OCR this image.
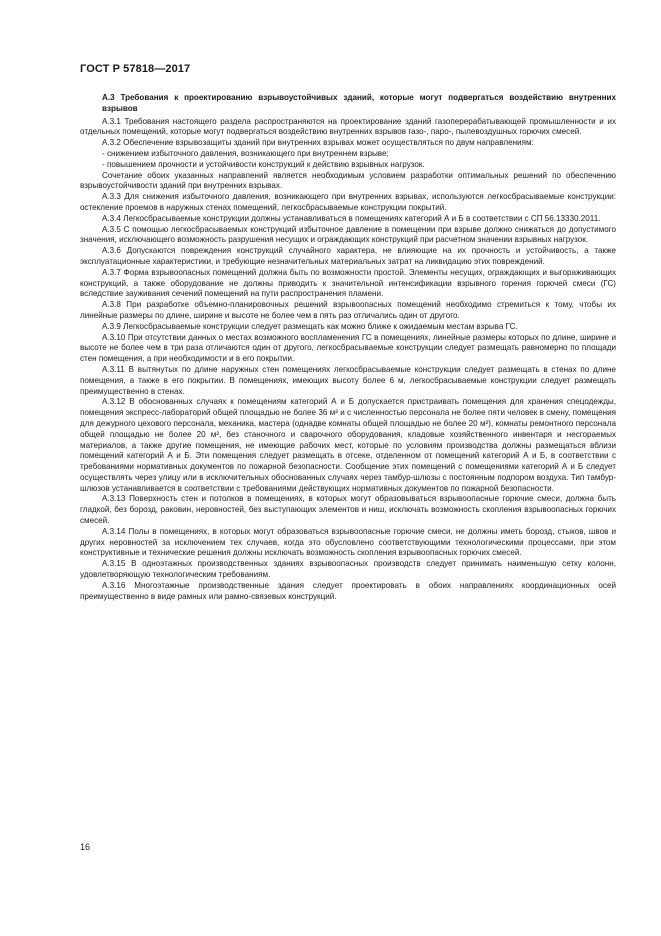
ГОСТ Р 57818—2017

А.3 Требования к проектированию взрывоустойчивых зданий, которые могут подвергаться воздействию внутренних взрывов

А.3.1 Требования настоящего раздела распространяются на проектирование зданий газоперерабатывающей промышленности и их отдельных помещений, которые могут подвергаться воздействию внутренних взрывов газо-, паро-, пылевоздушных горючих смесей.

А.3.2 Обеспечение взрывозащиты зданий при внутренних взрывах может осуществляться по двум направлениям:

- снижением избыточного давления, возникающего при внутреннем взрыве;

- повышением прочности и устойчивости конструкций к действию взрывных нагрузок.

Сочетание обоих указанных направлений является необходимым условием разработки оптимальных решений по обеспечению взрывоустойчивости зданий при внутренних взрывах.

А.3.3 Для снижения избыточного давления, возникающего при внутренних взрывах, используются легкосбрасываемые конструкции: остекление проемов в наружных стенах помещений, легкосбрасываемые конструкции покрытий.

А.3.4 Легкосбрасываемые конструкции должны устанавливаться в помещениях категорий А и Б в соответствии с СП 56.13330.2011.

А.3.5 С помощью легкосбрасываемых конструкций избыточное давление в помещении при взрыве должно снижаться до допустимого значения, исключающего возможность разрушения несущих и ограждающих конструкций при расчетном значении взрывных нагрузок.

А.3.6 Допускаются повреждения конструкций случайного характера, не влияющие на их прочность и устойчивость, а также эксплуатационные характеристики, и требующие незначительных материальных затрат на ликвидацию этих повреждений.

А.3.7 Форма взрывоопасных помещений должна быть по возможности простой. Элементы несущих, ограждающих и выгораживающих конструкций, а также оборудование не должны приводить к значительной интенсификации взрывного горения горючей смеси (ГС) вследствие зауживания сечений помещений на пути распространения пламени.

А.3.8 При разработке объемно-планировочных решений взрывоопасных помещений необходимо стремиться к тому, чтобы их линейные размеры по длине, ширине и высоте не более чем в пять раз отличались один от другого.

А.3.9 Легкосбрасываемые конструкции следует размещать как можно ближе к ожидаемым местам взрыва ГС.

А.3.10 При отсутствии данных о местах возможного воспламенения ГС в помещениях, линейные размеры которых по длине, ширине и высоте не более чем в три раза отличаются один от другого, легкосбрасываемые конструкции следует размещать равномерно по площади стен помещения, а при необходимости и в его покрытии.

А.3.11 В вытянутых по длине наружных стен помещениях легкосбрасываемые конструкции следует размещать в стенах по длине помещения, а также в его покрытии. В помещениях, имеющих высоту более 6 м, легкосбрасываемые конструкции следует размещать преимущественно в стенах.

А.3.12 В обоснованных случаях к помещениям категорий А и Б допускается пристраивать помещения для хранения спецодежды, помещения экспресс-лабораторий общей площадью не более 36 м² и с численностью персонала не более пяти человек в смену, помещения для дежурного цехового персонала, механика, мастера (однадве комнаты общей площадью не более 20 м²), комнаты ремонтного персонала общей площадью не более 20 м², без станочного и сварочного оборудования, кладовые хозяйственного инвентаря и несгораемых материалов, а также другие помещения, не имеющие рабочих мест, которые по условиям производства должны размещаться вблизи помещений категорий А и Б. Эти помещения следует размещать в отсеке, отделенном от помещений категорий А и Б, в соответствии с требованиями нормативных документов по пожарной безопасности. Сообщение этих помещений с помещениями категорий А и Б следует осуществлять через улицу или в исключительных обоснованных случаях через тамбур-шлюзы с постоянным подпором воздуха. Тип тамбур-шлюзов устанавливается в соответствии с требованиями действующих нормативных документов по пожарной безопасности.

А.3.13 Поверхность стен и потолков в помещениях, в которых могут образовываться взрывоопасные горючие смеси, должна быть гладкой, без борозд, раковин, неровностей, без выступающих элементов и ниш, исключать возможность скопления взрывоопасных горючих смесей.

А.3.14 Полы в помещениях, в которых могут образоваться взрывоопасные горючие смеси, не должны иметь борозд, стыков, швов и других неровностей за исключением тех случаев, когда это обусловлено соответствующими технологическими процессами, при этом конструктивные и технические решения должны исключать возможность скопления взрывоопасных горючих смесей.

А.3.15 В одноэтажных производственных зданиях взрывоопасных производств следует принимать наименьшую сетку колонн, удовлетворяющую технологическим требованиям.

А.3.16 Многоэтажные производственные здания следует проектировать в обоих направлениях координационных осей преимущественно в виде рамных или рамно-связевых конструкций.

16
